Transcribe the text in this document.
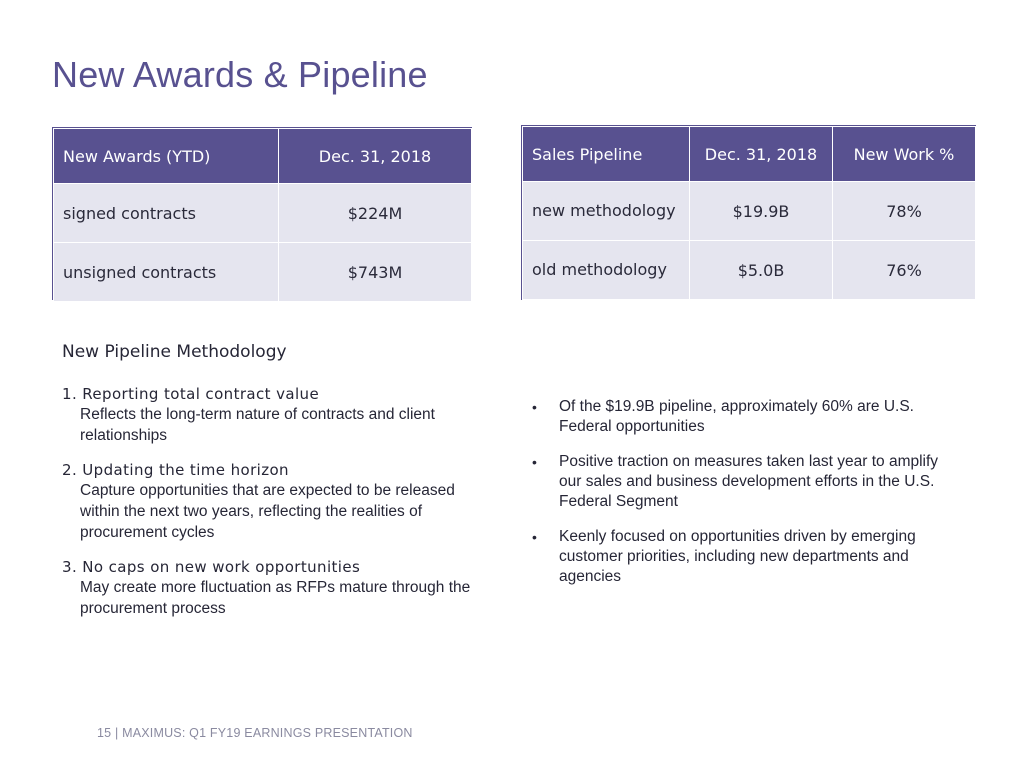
New Awards & Pipeline
New Awards (YTD)	Dec. 31, 2018
signed contracts	$224M
unsigned contracts	$743M
Sales Pipeline	Dec. 31, 2018	New Work %
new methodology	$19.9B	78%
old methodology	$5.0B	76%
New Pipeline Methodology
1. Reporting total contract value
Reflects the long-term nature of contracts and client relationships
2. Updating the time horizon
Capture opportunities that are expected to be released within the next two years, reflecting the realities of procurement cycles
3. No caps on new work opportunities
May create more fluctuation as RFPs mature through the procurement process
• Of the $19.9B pipeline, approximately 60% are U.S. Federal opportunities
• Positive traction on measures taken last year to amplify our sales and business development efforts in the U.S. Federal Segment
• Keenly focused on opportunities driven by emerging customer priorities, including new departments and agencies
15 | MAXIMUS: Q1 FY19 EARNINGS PRESENTATION
